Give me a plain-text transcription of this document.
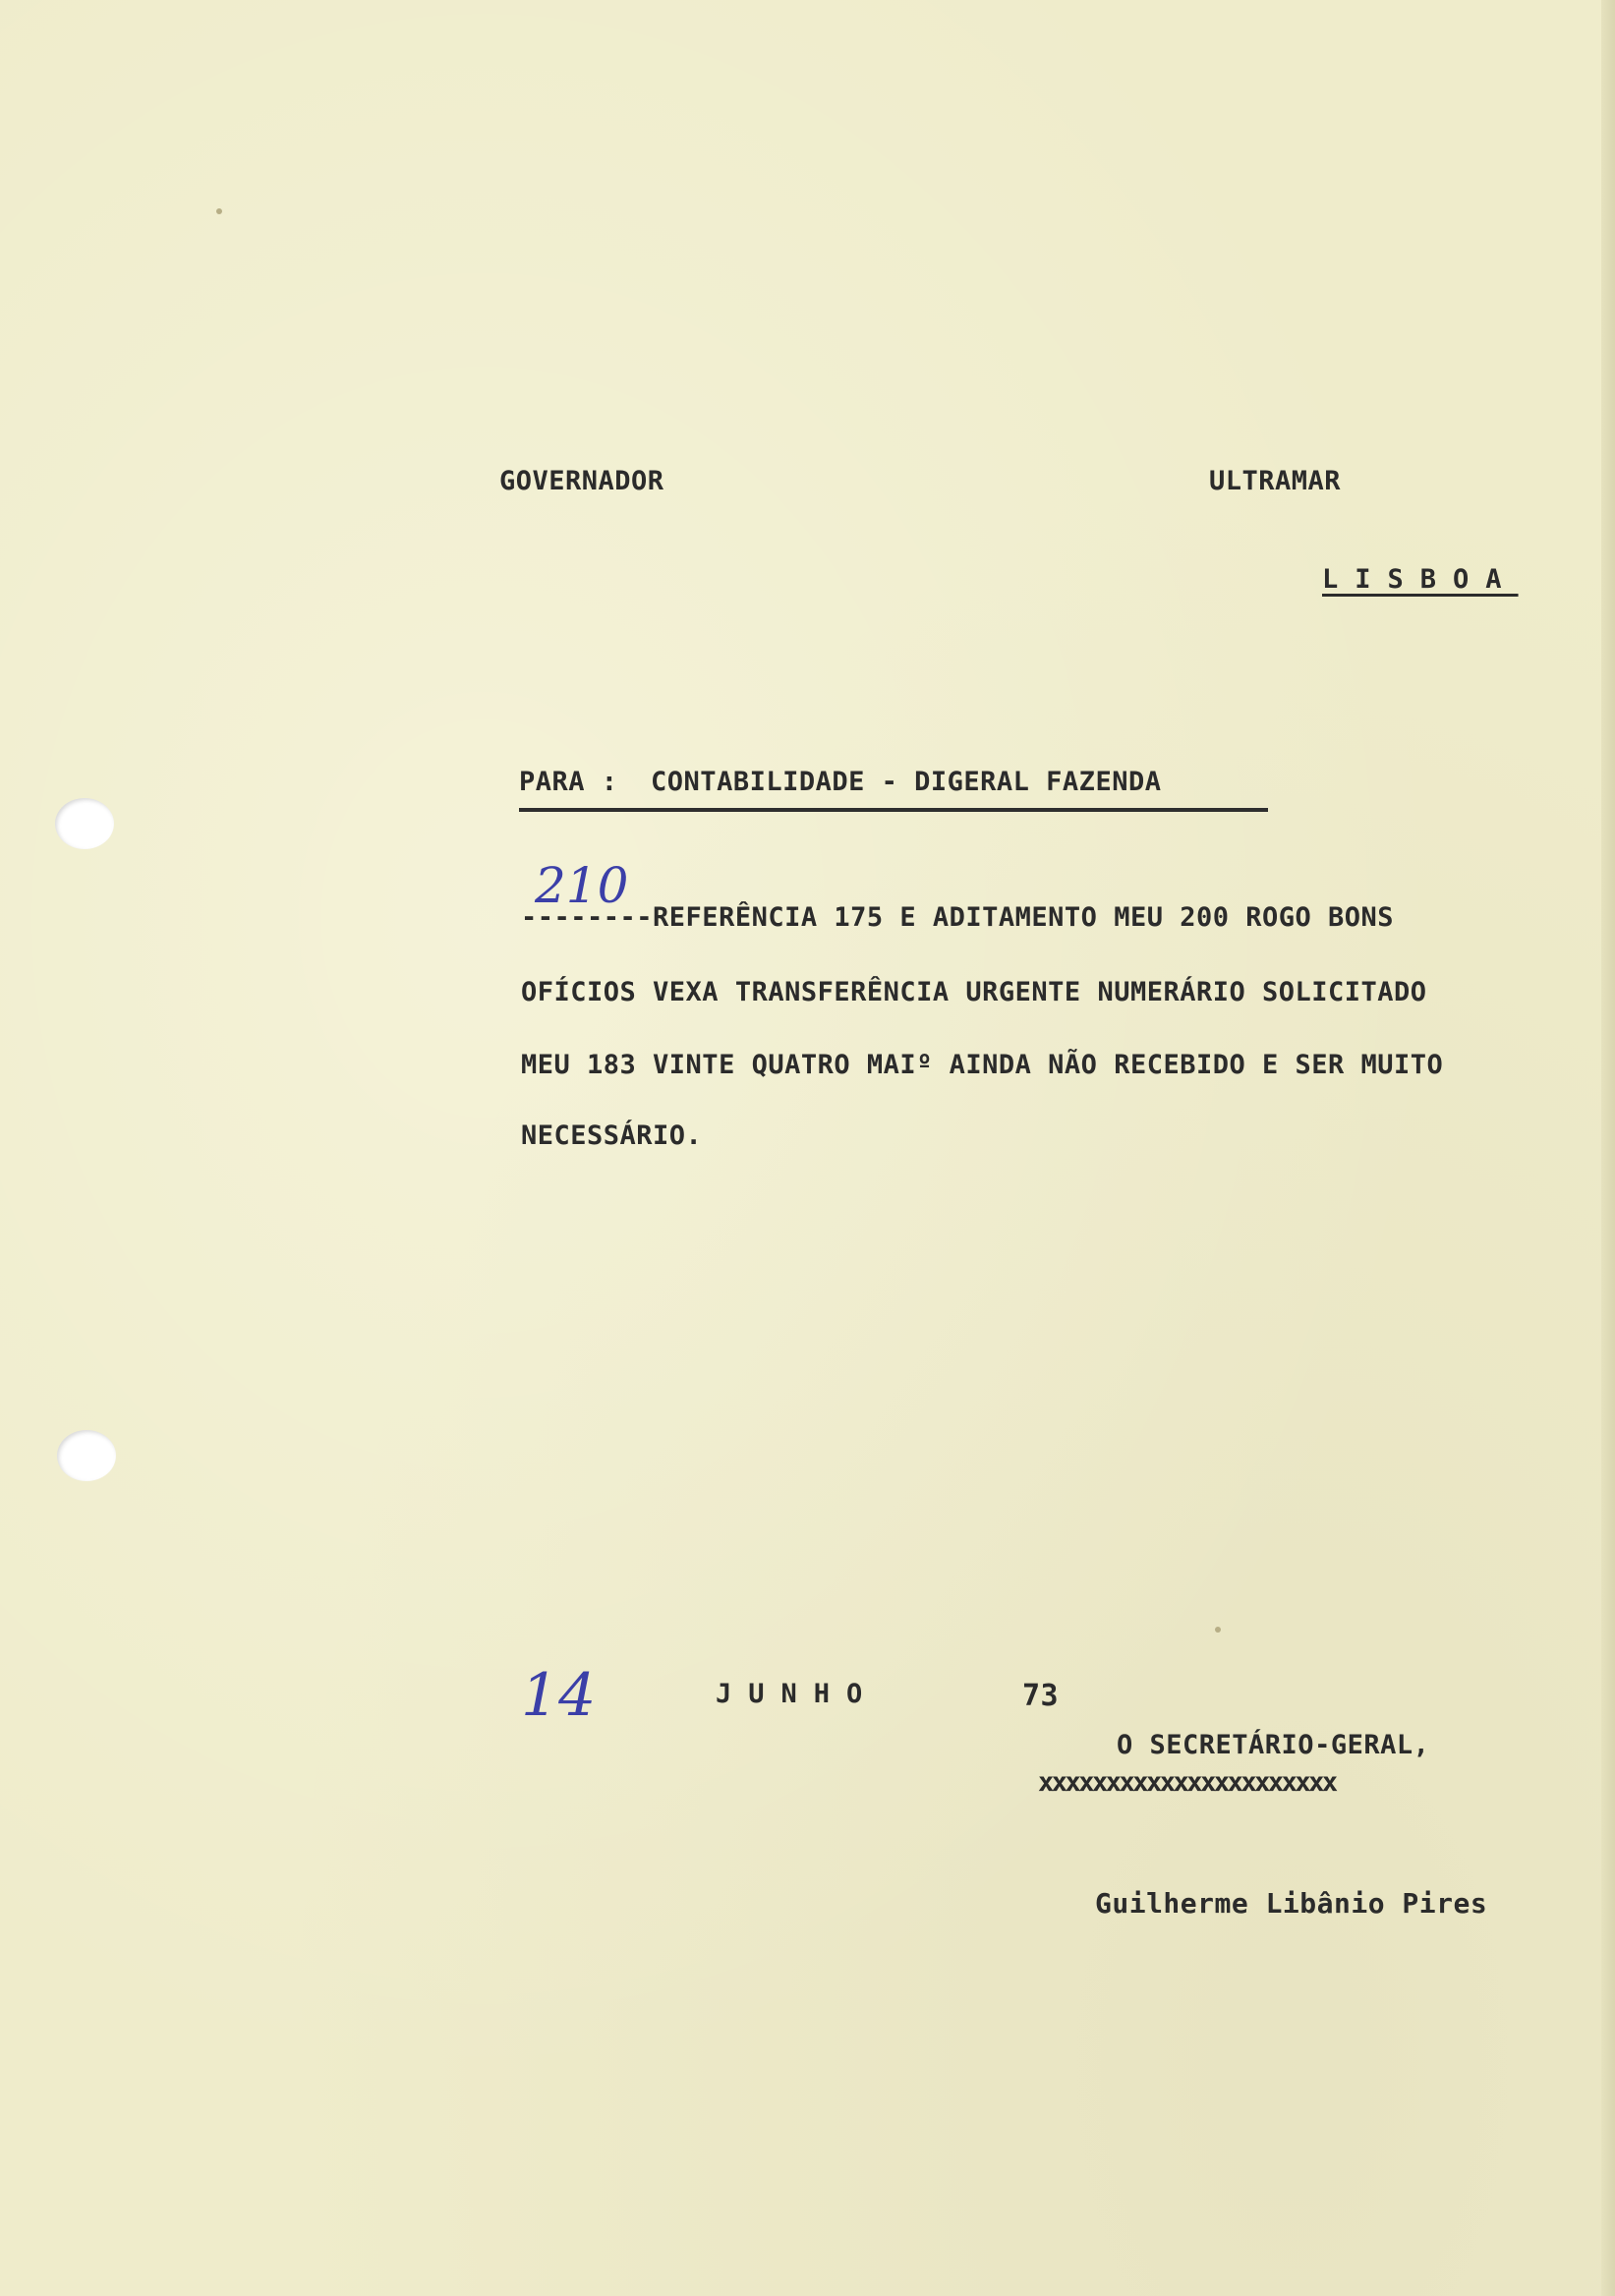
GOVERNADOR	ULTRAMAR
LISBOA
PARA :  CONTABILIDADE - DIGERAL FAZENDA
210
--------REFERÊNCIA 175 E ADITAMENTO MEU 200 ROGO BONS
OFÍCIOS VEXA TRANSFERÊNCIA URGENTE NUMERÁRIO SOLICITADO
MEU 183 VINTE QUATRO MAIº AINDA NÃO RECEBIDO E SER MUITO
NECESSÁRIO.
14	JUNHO	73
O SECRETÁRIO-GERAL,
xxxxxxxxxxxxxxxxxxxxxx
Guilherme Libânio Pires
